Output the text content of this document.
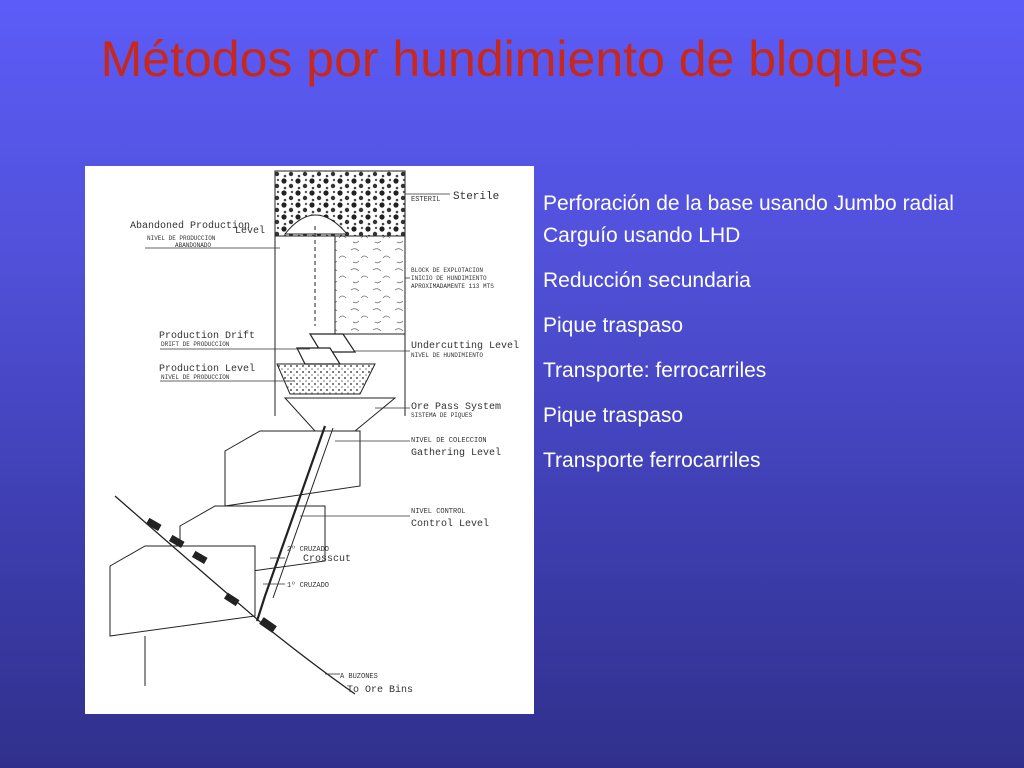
Métodos por hundimiento de bloques
ESTERIL Sterile
Abandoned Production
Level
NIVEL DE PRODUCCION
ABANDONADO
BLOCK DE EXPLOTACION
INICIO DE HUNDIMIENTO
APROXIMADAMENTE 113 MTS
Production Drift
DRIFT DE PRODUCCION	Undercutting Level
NIVEL DE HUNDIMIENTO
Production Level
NIVEL DE PRODUCCION
Ore Pass System
SISTEMA DE PIQUES
NIVEL DE COLECCION
Gathering Level
NIVEL CONTROL
Control Level
2º CRUZADO
Crosscut
1º CRUZADO
A BUZONES
To Ore Bins
Perforación de la base usando Jumbo radial Carguío usando LHD
Reducción secundaria
Pique traspaso
Transporte: ferrocarriles
Pique traspaso
Transporte ferrocarriles
